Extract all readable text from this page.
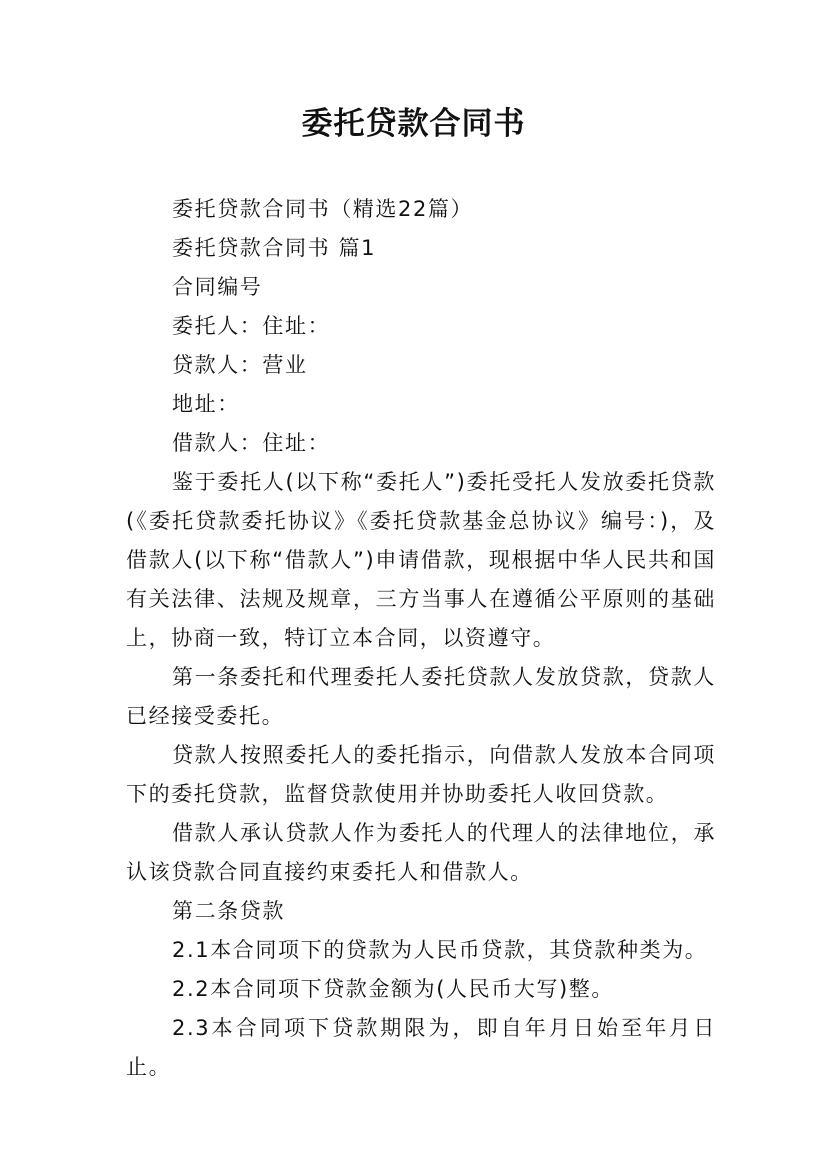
委托贷款合同书

委托贷款合同书（精选22篇）

委托贷款合同书 篇1

合同编号

委托人：住址：

贷款人：营业

地址：

借款人：住址：

鉴于委托人(以下称“委托人”)委托受托人发放委托贷款(《委托贷款委托协议》《委托贷款基金总协议》编号：)，及借款人(以下称“借款人”)申请借款，现根据中华人民共和国有关法律、法规及规章，三方当事人在遵循公平原则的基础上，协商一致，特订立本合同，以资遵守。

第一条委托和代理委托人委托贷款人发放贷款，贷款人已经接受委托。

贷款人按照委托人的委托指示，向借款人发放本合同项下的委托贷款，监督贷款使用并协助委托人收回贷款。

借款人承认贷款人作为委托人的代理人的法律地位，承认该贷款合同直接约束委托人和借款人。

第二条贷款

2.1本合同项下的贷款为人民币贷款，其贷款种类为。

2.2本合同项下贷款金额为(人民币大写)整。

2.3本合同项下贷款期限为，即自年月日始至年月日止。
